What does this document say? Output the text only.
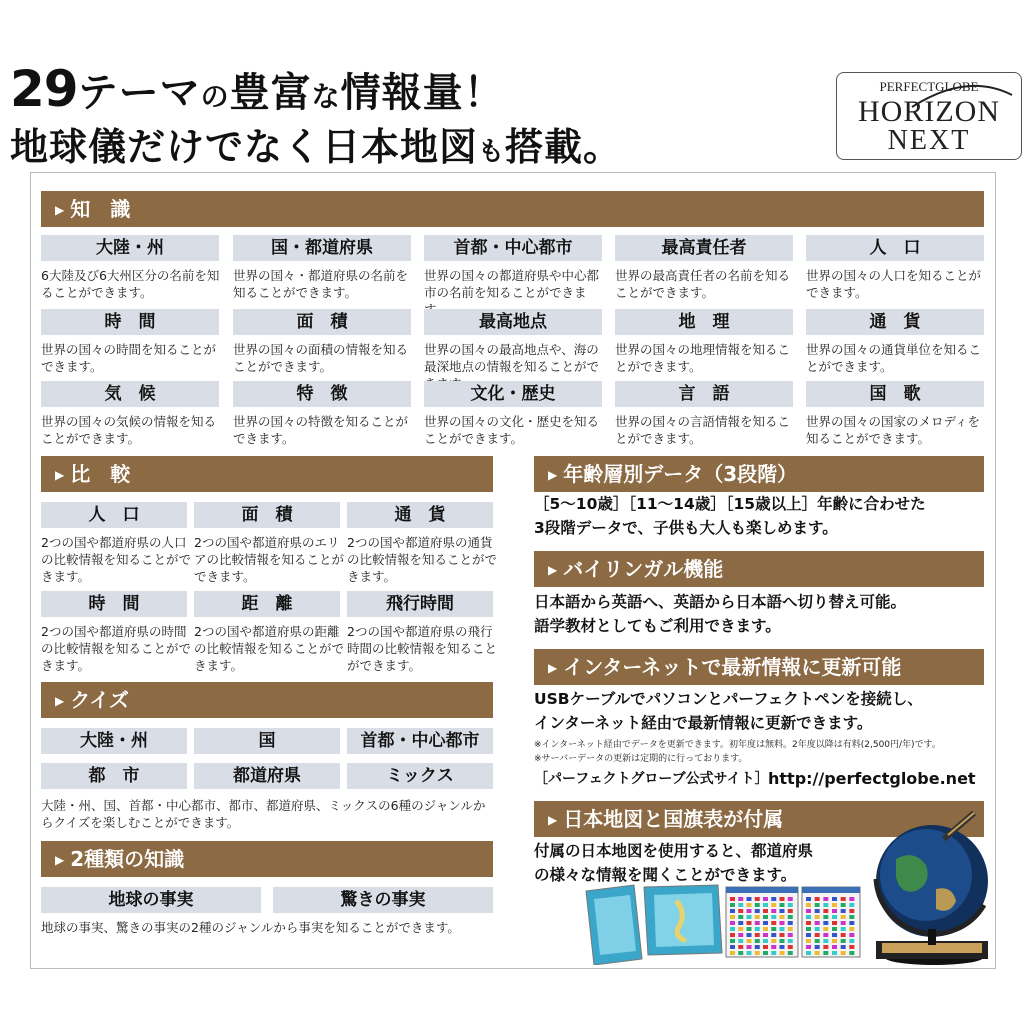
29テーマの豊富な情報量！
地球儀だけでなく日本地図も搭載。
PERFECTGLOBE
HORIZON
NEXT
▶ 知　識
大陸・州
6大陸及び6大州区分の名前を知ることができます。
国・都道府県
世界の国々・都道府県の名前を知ることができます。
首都・中心都市
世界の国々の都道府県や中心都市の名前を知ることができま
最高責任者
世界の最高責任者の名前を知ることができます。
人　口
世界の国々の人口を知ることができます。
時　間
世界の国々の時間を知ることができます。
面　積
世界の国々の面積の情報を知ることができます。
最高地点
世界の国々の最高地点や、海の最深地点の情報を知ることがで
地　理
世界の国々の地理情報を知ることができます。
通　貨
世界の国々の通貨単位を知ることができます。
気　候
世界の国々の気候の情報を知ることができます。
特　徴
世界の国々の特徴を知ることができます。
文化・歴史
世界の国々の文化・歴史を知ることができます。
言　語
世界の国々の言語情報を知ることができます。
国　歌
世界の国々の国家のメロディを知ることができます。
▶ 比　較
人　口
2つの国や都道府県の人口の比較情報を知ることができます。
面　積
2つの国や都道府県のエリアの比較情報を知ることができます。
通　貨
2つの国や都道府県の通貨の比較情報を知ることができます。
時　間
2つの国や都道府県の時間の比較情報を知ることができます。
距　離
2つの国や都道府県の距離の比較情報を知ることができます。
飛行時間
2つの国や都道府県の飛行時間の比較情報を知ることができます。
▶ クイズ
大陸・州	国	首都・中心都市
都　市	都道府県	ミックス
大陸・州、国、首都・中心都市、都市、都道府県、ミックスの6種のジャンルからクイズを楽しむことができます。
▶ 2種類の知識
地球の事実	驚きの事実
地球の事実、驚きの事実の2種のジャンルから事実を知ることができます。
▶ 年齢層別データ（3段階）
［5〜10歳］［11〜14歳］［15歳以上］年齢に合わせた
3段階データで、子供も大人も楽しめます。
▶ バイリンガル機能
日本語から英語へ、英語から日本語へ切り替え可能。
語学教材としてもご利用できます。
▶ インターネットで最新情報に更新可能
USBケーブルでパソコンとパーフェクトペンを接続し、
インターネット経由で最新情報に更新できます。
※インターネット経由でデータを更新できます。初年度は無料。2年度以降は有料(2,500円/年)です。
※サーバーデータの更新は定期的に行っております。
［パーフェクトグローブ公式サイト］ http://perfectglobe.net
▶ 日本地図と国旗表が付属
付属の日本地図を使用すると、都道府県
の様々な情報を聞くことができます。
